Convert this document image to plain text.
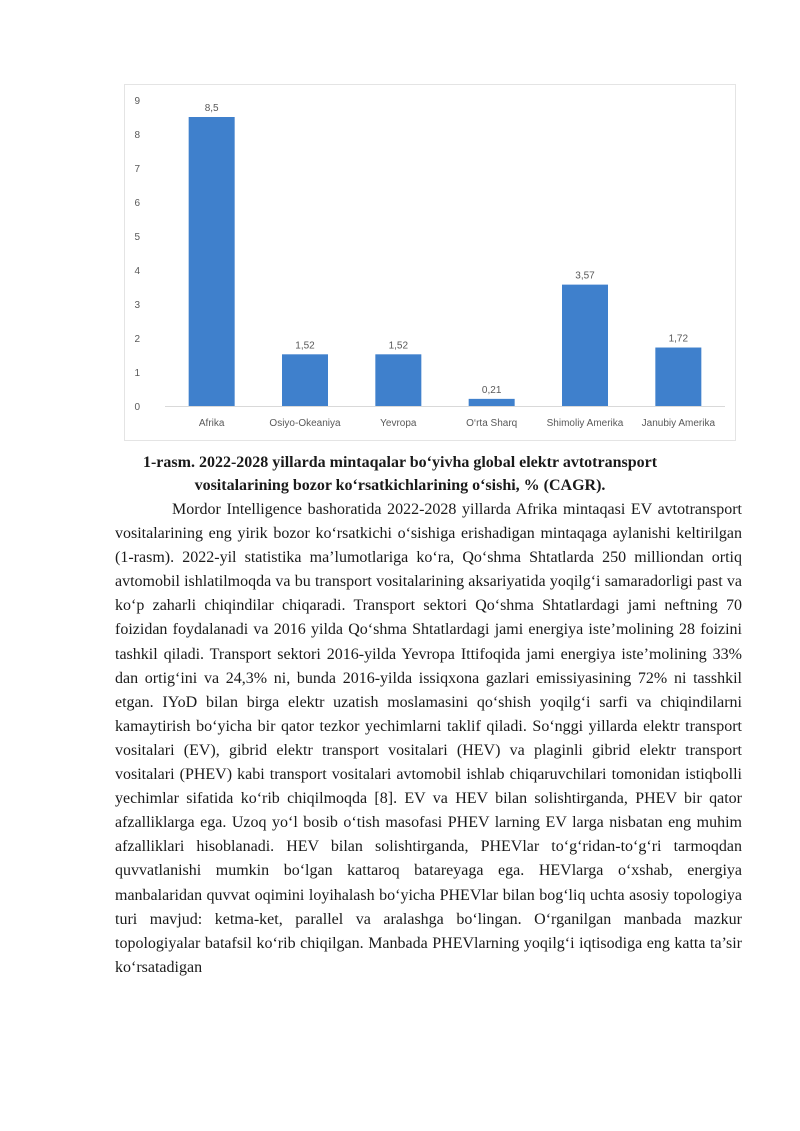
0
1
2
3
4
5
6
7
8
9
8,5
Afrika
1,52
Osiyo-Okeaniya
1,52
Yevropa
0,21
O‘rta Sharq
3,57
Shimoliy Amerika
1,72
Janubiy Amerika

1-rasm. 2022-2028 yillarda mintaqalar bo‘yivha global elektr avtotransport vositalarining bozor ko‘rsatkichlarining o‘sishi, % (CAGR).

Mordor Intelligence bashoratida 2022-2028 yillarda Afrika mintaqasi EV avtotransport vositalarining eng yirik bozor ko‘rsatkichi o‘sishiga erishadigan mintaqaga aylanishi keltirilgan (1-rasm). 2022-yil statistika ma’lumotlariga ko‘ra, Qo‘shma Shtatlarda 250 milliondan ortiq avtomobil ishlatilmoqda va bu transport vositalarining aksariyatida yoqilg‘i samaradorligi past va ko‘p zaharli chiqindilar chiqaradi. Transport sektori Qo‘shma Shtatlardagi jami neftning 70 foizidan foydalanadi va 2016 yilda Qo‘shma Shtatlardagi jami energiya iste’molining 28 foizini tashkil qiladi. Transport sektori 2016-yilda Yevropa Ittifoqida jami energiya iste’molining 33% dan ortig‘ini va 24,3% ni, bunda 2016-yilda issiqxona gazlari emissiyasining 72% ni tasshkil etgan. IYoD bilan birga elektr uzatish moslamasini qo‘shish yoqilg‘i sarfi va chiqindilarni kamaytirish bo‘yicha bir qator tezkor yechimlarni taklif qiladi. So‘nggi yillarda elektr transport vositalari (EV), gibrid elektr transport vositalari (HEV) va plaginli gibrid elektr transport vositalari (PHEV) kabi transport vositalari avtomobil ishlab chiqaruvchilari tomonidan istiqbolli yechimlar sifatida ko‘rib chiqilmoqda [8]. EV va HEV bilan solishtirganda, PHEV bir qator afzalliklarga ega. Uzoq yo‘l bosib o‘tish masofasi PHEV larning EV larga nisbatan eng muhim afzalliklari hisoblanadi. HEV bilan solishtirganda, PHEVlar to‘g‘ridan-to‘g‘ri tarmoqdan quvvatlanishi mumkin bo‘lgan kattaroq batareyaga ega. HEVlarga o‘xshab, energiya manbalaridan quvvat oqimini loyihalash bo‘yicha PHEVlar bilan bog‘liq uchta asosiy topologiya turi mavjud: ketma-ket, parallel va aralashga bo‘lingan. O‘rganilgan manbada mazkur topologiyalar batafsil ko‘rib chiqilgan. Manbada PHEVlarning yoqilg‘i iqtisodiga eng katta ta’sir ko‘rsatadigan
